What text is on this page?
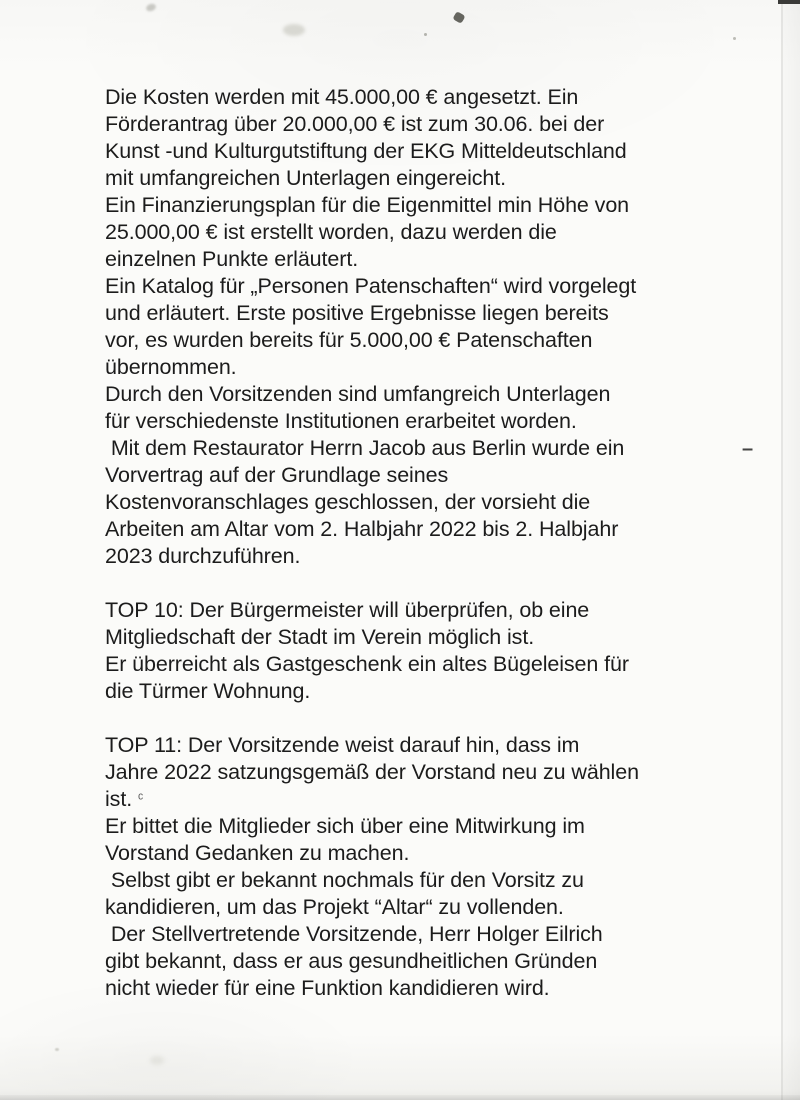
Die Kosten werden mit 45.000,00 € angesetzt. Ein
Förderantrag über 20.000,00 € ist zum 30.06. bei der
Kunst -und Kulturgutstiftung der EKG Mitteldeutschland
mit umfangreichen Unterlagen eingereicht.
Ein Finanzierungsplan für die Eigenmittel min Höhe von
25.000,00 € ist erstellt worden, dazu werden die
einzelnen Punkte erläutert.
Ein Katalog für „Personen Patenschaften“ wird vorgelegt
und erläutert. Erste positive Ergebnisse liegen bereits
vor, es wurden bereits für 5.000,00 € Patenschaften
übernommen.
Durch den Vorsitzenden sind umfangreich Unterlagen
für verschiedenste Institutionen erarbeitet worden.
Mit dem Restaurator Herrn Jacob aus Berlin wurde ein
Vorvertrag auf der Grundlage seines
Kostenvoranschlages geschlossen, der vorsieht die
Arbeiten am Altar vom 2. Halbjahr 2022 bis 2. Halbjahr
2023 durchzuführen.
TOP 10: Der Bürgermeister will überprüfen, ob eine
Mitgliedschaft der Stadt im Verein möglich ist.
Er überreicht als Gastgeschenk ein altes Bügeleisen für
die Türmer Wohnung.
TOP 11: Der Vorsitzende weist darauf hin, dass im
Jahre 2022 satzungsgemäß der Vorstand neu zu wählen
ist.
Er bittet die Mitglieder sich über eine Mitwirkung im
Vorstand Gedanken zu machen.
Selbst gibt er bekannt nochmals für den Vorsitz zu
kandidieren, um das Projekt “Altar“ zu vollenden.
Der Stellvertretende Vorsitzende, Herr Holger Eilrich
gibt bekannt, dass er aus gesundheitlichen Gründen
nicht wieder für eine Funktion kandidieren wird.
–
ᶜ
